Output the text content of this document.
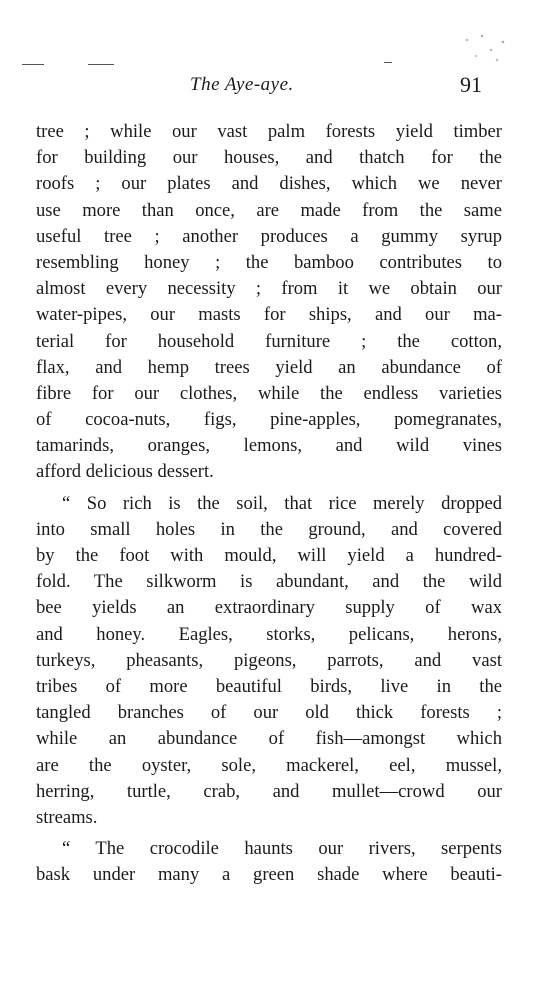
The Aye-aye.	91
tree ; while our vast palm forests yield timber
for building our houses, and thatch for the
roofs ; our plates and dishes, which we never
use more than once, are made from the same
useful tree ; another produces a gummy syrup
resembling honey ; the bamboo contributes to
almost every necessity ; from it we obtain our
water-pipes, our masts for ships, and our ma-
terial for household furniture ; the cotton,
flax, and hemp trees yield an abundance of
fibre for our clothes, while the endless varieties
of cocoa-nuts, figs, pine-apples, pomegranates,
tamarinds, oranges, lemons, and wild vines
afford delicious dessert.
“ So rich is the soil, that rice merely dropped
into small holes in the ground, and covered
by the foot with mould, will yield a hundred-
fold. The silkworm is abundant, and the wild
bee yields an extraordinary supply of wax
and honey. Eagles, storks, pelicans, herons,
turkeys, pheasants, pigeons, parrots, and vast
tribes of more beautiful birds, live in the
tangled branches of our old thick forests ;
while an abundance of fish—amongst which
are the oyster, sole, mackerel, eel, mussel,
herring, turtle, crab, and mullet—crowd our
streams.
“ The crocodile haunts our rivers, serpents
bask under many a green shade where beauti-
